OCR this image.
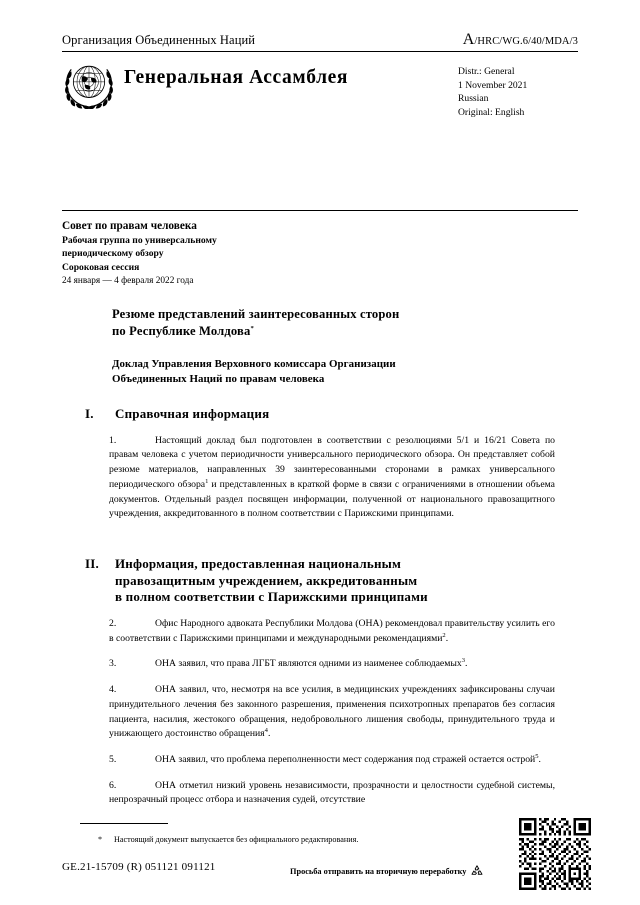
Организация Объединенных Наций	A/HRC/WG.6/40/MDA/3
Генеральная Ассамблея	Distr.: General
1 November 2021
Russian
Original: English
Совет по правам человека
Рабочая группа по универсальному
периодическому обзору
Сороковая сессия
24 января — 4 февраля 2022 года
Резюме представлений заинтересованных сторон
по Республике Молдова*
Доклад Управления Верховного комиссара Организации
Объединенных Наций по правам человека
I.	Справочная информация
1.	Настоящий доклад был подготовлен в соответствии с резолюциями 5/1 и 16/21 Совета по правам человека с учетом периодичности универсального периодического обзора. Он представляет собой резюме материалов, направленных 39 заинтересованными сторонами в рамках универсального периодического обзора$^1$ и представленных в краткой форме в связи с ограничениями в отношении объема документов. Отдельный раздел посвящен информации, полученной от национального правозащитного учреждения, аккредитованного в полном соответствии с Парижскими принципами.
II.	Информация, предоставленная национальным
правозащитным учреждением, аккредитованным
в полном соответствии с Парижскими принципами
2.	Офис Народного адвоката Республики Молдова (ОНА) рекомендовал правительству усилить его в соответствии с Парижскими принципами и международными рекомендациями$^2$.
3.	ОНА заявил, что права ЛГБТ являются одними из наименее соблюдаемых$^3$.
4.	ОНА заявил, что, несмотря на все усилия, в медицинских учреждениях зафиксированы случаи принудительного лечения без законного разрешения, применения психотропных препаратов без согласия пациента, насилия, жестокого обращения, недобровольного лишения свободы, принудительного труда и унижающего достоинство обращения$^4$.
5.	ОНА заявил, что проблема переполненности мест содержания под стражей остается острой$^5$.
6.	ОНА отметил низкий уровень независимости, прозрачности и целостности судебной системы, непрозрачный процесс отбора и назначения судей, отсутствие
*	Настоящий документ выпускается без официального редактирования.
GE.21-15709 (R) 051121 091121	Просьба отправить на вторичную переработку
